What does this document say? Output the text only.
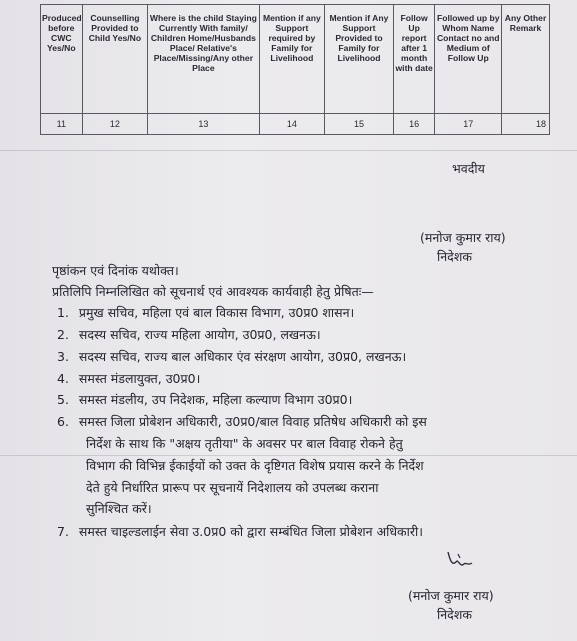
Produced before CWC Yes/No	Counselling Provided to Child Yes/No	Where is the child Staying Currently With family/ Children Home/Husbands Place/ Relative's Place/Missing/Any other Place	Mention if any Support required by Family for Livelihood	Mention if Any Support Provided to Family for Livelihood	Follow Up report after 1 month with date	Followed up by Whom Name Contact no and Medium of Follow Up	Any Other Remark
11	12	13	14	15	16	17	18
भवदीय
(मनोज कुमार राय)
निदेशक
पृष्ठांकन एवं दिनांक यथोक्त।
प्रतिलिपि निम्नलिखित को सूचनार्थ एवं आवश्यक कार्यवाही हेतु प्रेषितः—
1. प्रमुख सचिव, महिला एवं बाल विकास विभाग, उ0प्र0 शासन।
2. सदस्य सचिव, राज्य महिला आयोग, उ0प्र0, लखनऊ।
3. सदस्य सचिव, राज्य बाल अधिकार एंव संरक्षण आयोग, उ0प्र0, लखनऊ।
4. समस्त मंडलायुक्त, उ0प्र0।
5. समस्त मंडलीय, उप निदेशक, महिला कल्याण विभाग उ0प्र0।
6. समस्त जिला प्रोबेशन अधिकारी, उ0प्र0/बाल विवाह प्रतिषेध अधिकारी को इस
निर्देश के साथ कि "अक्षय तृतीया" के अवसर पर बाल विवाह रोकने हेतु
विभाग की विभिन्न ईकाईयों को उक्त के दृष्टिगत विशेष प्रयास करने के निर्देश
देते हुये निर्धारित प्रारूप पर सूचनायें निदेशालय को उपलब्ध कराना
सुनिश्चित करें।
7. समस्त चाइल्डलाईन सेवा उ.0प्र0 को द्वारा सम्बंधित जिला प्रोबेशन अधिकारी।
(मनोज कुमार राय)
निदेशक
